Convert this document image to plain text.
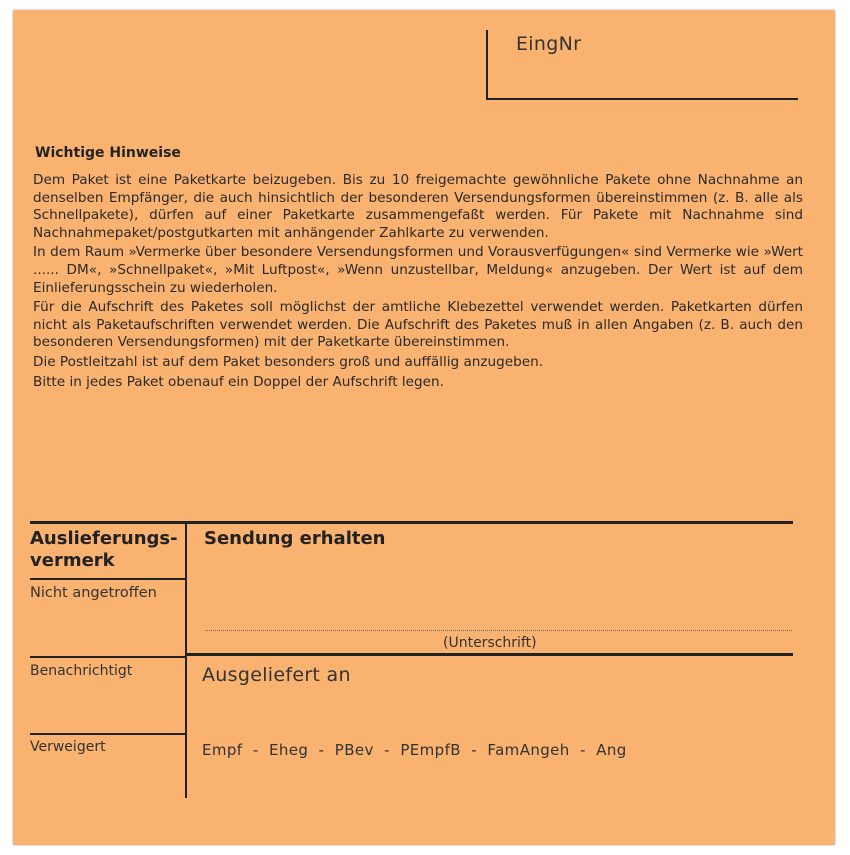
EingNr
Wichtige Hinweise

Dem Paket ist eine Paketkarte beizugeben. Bis zu 10 freigemachte gewöhnliche Pakete ohne Nachnahme an denselben Empfänger, die auch hinsichtlich der besonderen Versendungsformen übereinstimmen (z. B. alle als Schnellpakete), dürfen auf einer Paketkarte zusammengefaßt werden. Für Pakete mit Nachnahme sind Nachnahmepaket/postgutkarten mit anhängender Zahlkarte zu verwenden.

In dem Raum »Vermerke über besondere Versendungsformen und Vorausverfügungen« sind Vermerke wie »Wert ...... DM«, »Schnellpaket«, »Mit Luftpost«, »Wenn unzustellbar, Meldung« anzugeben. Der Wert ist auf dem Einlieferungsschein zu wiederholen.

Für die Aufschrift des Paketes soll möglichst der amtliche Klebezettel verwendet werden. Paketkarten dürfen nicht als Paketaufschriften verwendet werden. Die Aufschrift des Paketes muß in allen Angaben (z. B. auch den besonderen Versendungsformen) mit der Paketkarte übereinstimmen.

Die Postleitzahl ist auf dem Paket besonders groß und auffällig anzugeben.

Bitte in jedes Paket obenauf ein Doppel der Aufschrift legen.

Auslieferungs-
vermerk
Nicht angetroffen
Benachrichtigt
Verweigert
Sendung erhalten
(Unterschrift)
Ausgeliefert an
Empf  -  Eheg  -  PBev  -  PEmpfB  -  FamAngeh  -  Ang
